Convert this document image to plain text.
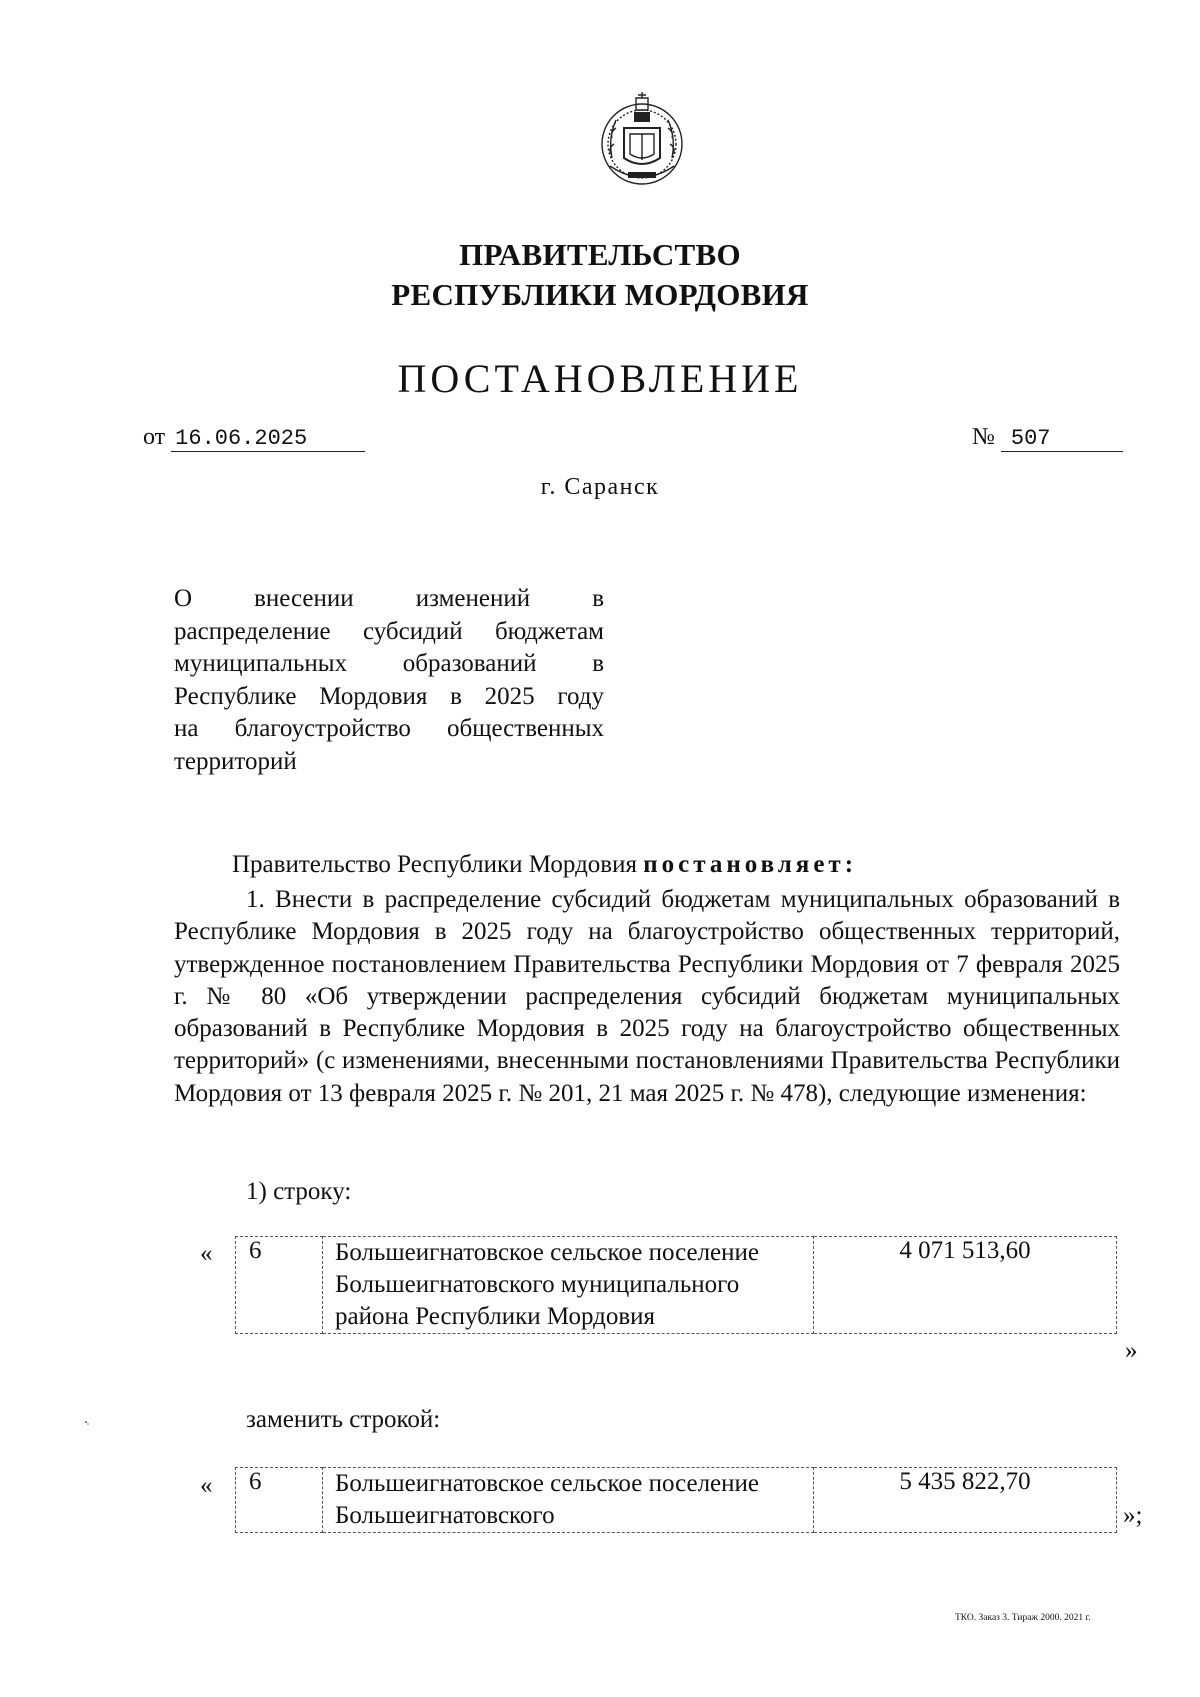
ПРАВИТЕЛЬСТВО
РЕСПУБЛИКИ МОРДОВИЯ
ПОСТАНОВЛЕНИЕ
от 16.06.2025	№ 507
г. Саранск
О внесении изменений в
распределение субсидий бюджетам
муниципальных образований в
Республике Мордовия в 2025 году
на благоустройство общественных
территорий
Правительство Республики Мордовия постановляет:
1. Внести в распределение субсидий бюджетам муниципальных образований в Республике Мордовия в 2025 году на благоустройство общественных территорий, утвержденное постановлением Правительства Республики Мордовия от 7 февраля 2025 г. № 80 «Об утверждении распределения субсидий бюджетам муниципальных образований в Республике Мордовия в 2025 году на благоустройство общественных территорий» (с изменениями, внесенными постановлениями Правительства Республики Мордовия от 13 февраля 2025 г. № 201, 21 мая 2025 г. № 478), следующие изменения:
1) строку:
« 6	Большеигнатовское сельское поселение Большеигнатовского муниципального района Республики Мордовия	4 071 513,60
»
заменить строкой:
« 6	Большеигнатовское сельское поселение Большеигнатовского	5 435 822,70
»;
ТКО. Заказ 3. Тираж 2000. 2021 г.
